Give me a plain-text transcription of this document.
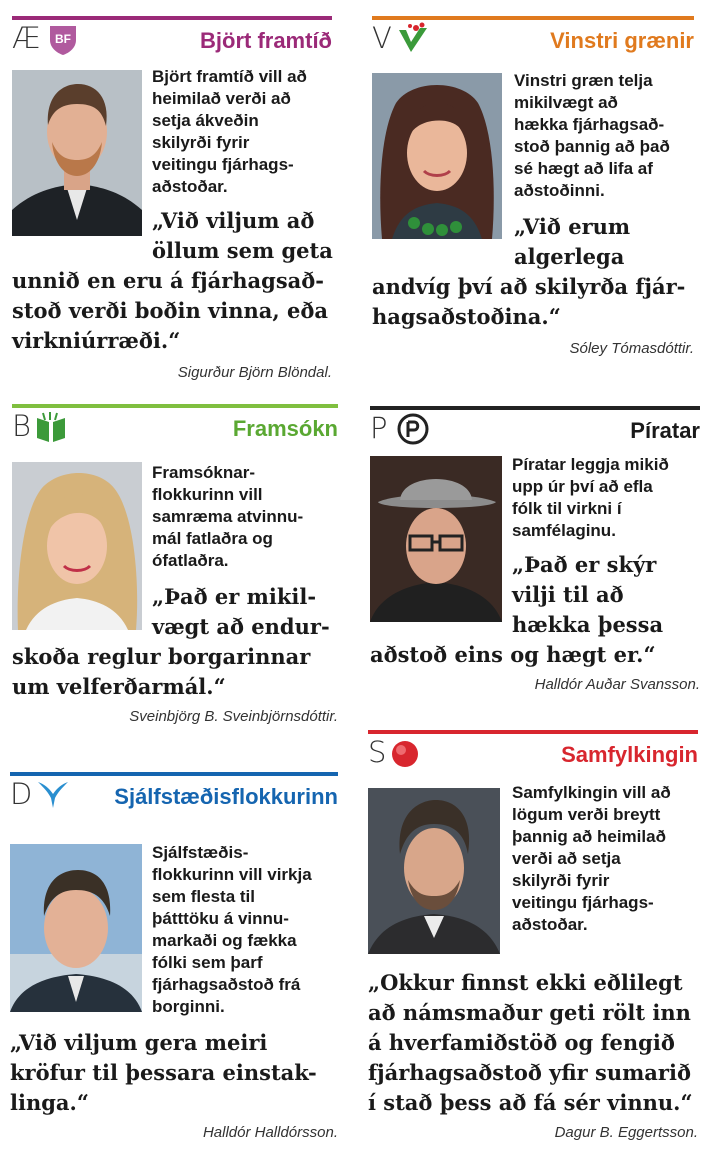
Æ BF	Björt framtíð
Björt framtíð vill að
heimilað verði að
setja ákveðin
skilyrði fyrir
veitingu fjárhags-
aðstoðar.
„Við viljum að
öllum sem geta
unnið en eru á fjárhagsað-
stoð verði boðin vinna, eða
virkniúrræði.“
Sigurður Björn Blöndal.
V	Vinstri grænir
Vinstri græn telja
mikilvægt að
hækka fjárhagsað-
stoð þannig að það
sé hægt að lifa af
aðstoðinni.
„Við erum
algerlega
andvíg því að skilyrða fjár-
hagsaðstoðina.“
Sóley Tómasdóttir.
B	Framsókn
Framsóknar-
flokkurinn vill
samræma atvinnu-
mál fatlaðra og
ófatlaðra.
„Það er mikil-
vægt að endur-
skoða reglur borgarinnar
um velferðarmál.“
Sveinbjörg B. Sveinbjörnsdóttir.
P	Píratar
Píratar leggja mikið
upp úr því að efla
fólk til virkni í
samfélaginu.
„Það er skýr
vilji til að
hækka þessa
aðstoð eins og hægt er.“
Halldór Auðar Svansson.
D	Sjálfstæðisflokkurinn
Sjálfstæðis-
flokkurinn vill virkja
sem flesta til
þátttöku á vinnu-
markaði og fækka
fólki sem þarf
fjárhagsaðstoð frá
borginni.
„Við viljum gera meiri
kröfur til þessara einstak-
linga.“
Halldór Halldórsson.
S	Samfylkingin
Samfylkingin vill að
lögum verði breytt
þannig að heimilað
verði að setja
skilyrði fyrir
veitingu fjárhags-
aðstoðar.
„Okkur finnst ekki eðlilegt
að námsmaður geti rölt inn
á hverfamiðstöð og fengið
fjárhagsaðstoð yfir sumarið
í stað þess að fá sér vinnu.“
Dagur B. Eggertsson.
